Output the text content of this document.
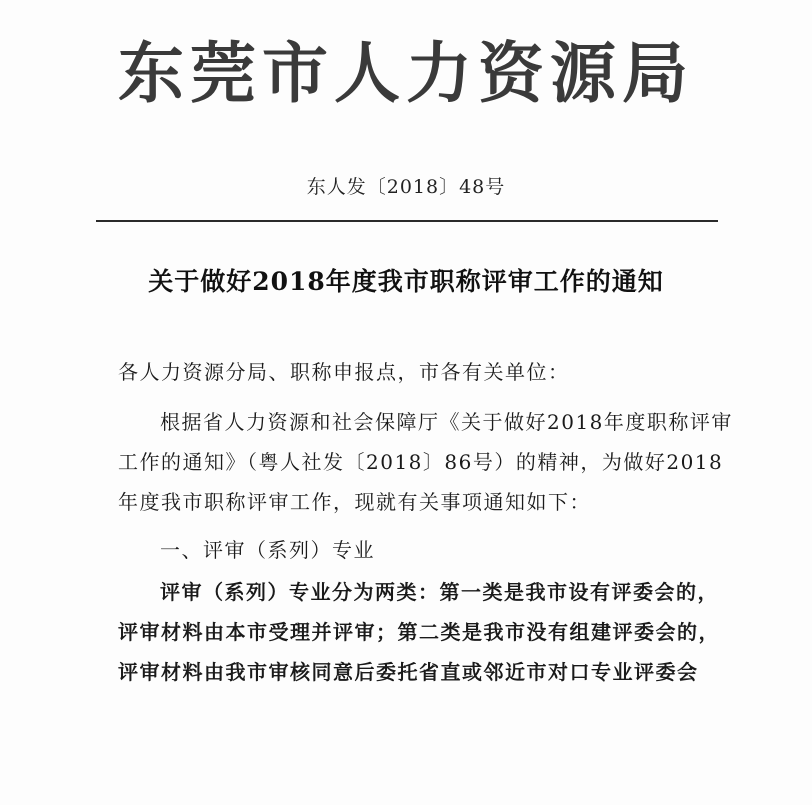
东莞市人力资源局
东人发〔2018〕48号
关于做好2018年度我市职称评审工作的通知
各人力资源分局、职称申报点，市各有关单位：
根据省人力资源和社会保障厅《关于做好2018年度职称评审
工作的通知》（粤人社发〔2018〕86号）的精神，为做好2018
年度我市职称评审工作，现就有关事项通知如下：
一、评审（系列）专业
评审（系列）专业分为两类：第一类是我市设有评委会的，
评审材料由本市受理并评审；第二类是我市没有组建评委会的，
评审材料由我市审核同意后委托省直或邻近市对口专业评委会
